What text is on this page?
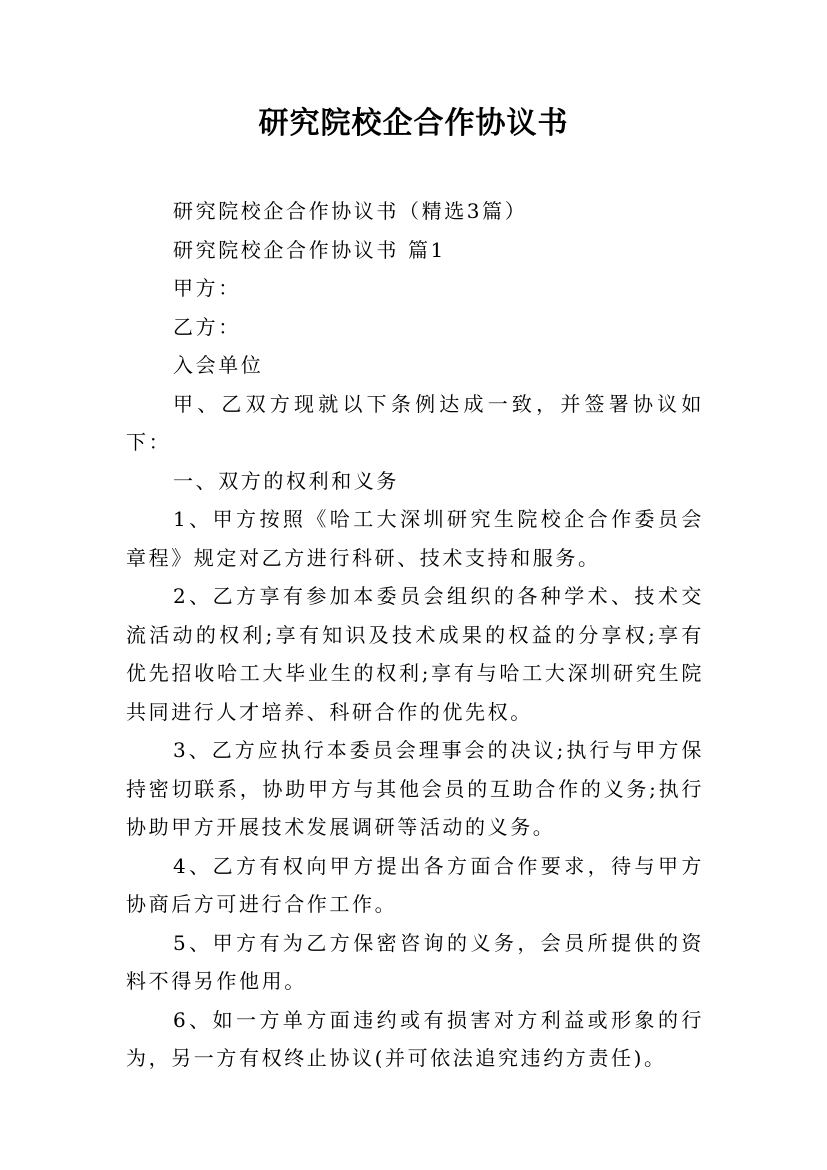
研究院校企合作协议书

研究院校企合作协议书（精选3篇）

研究院校企合作协议书 篇1

甲方：

乙方：

入会单位

甲、乙双方现就以下条例达成一致，并签署协议如下：

一、双方的权利和义务

1、甲方按照《哈工大深圳研究生院校企合作委员会章程》规定对乙方进行科研、技术支持和服务。

2、乙方享有参加本委员会组织的各种学术、技术交流活动的权利;享有知识及技术成果的权益的分享权;享有优先招收哈工大毕业生的权利;享有与哈工大深圳研究生院共同进行人才培养、科研合作的优先权。

3、乙方应执行本委员会理事会的决议;执行与甲方保持密切联系，协助甲方与其他会员的互助合作的义务;执行协助甲方开展技术发展调研等活动的义务。

4、乙方有权向甲方提出各方面合作要求，待与甲方协商后方可进行合作工作。

5、甲方有为乙方保密咨询的义务，会员所提供的资料不得另作他用。

6、如一方单方面违约或有损害对方利益或形象的行为，另一方有权终止协议(并可依法追究违约方责任)。
